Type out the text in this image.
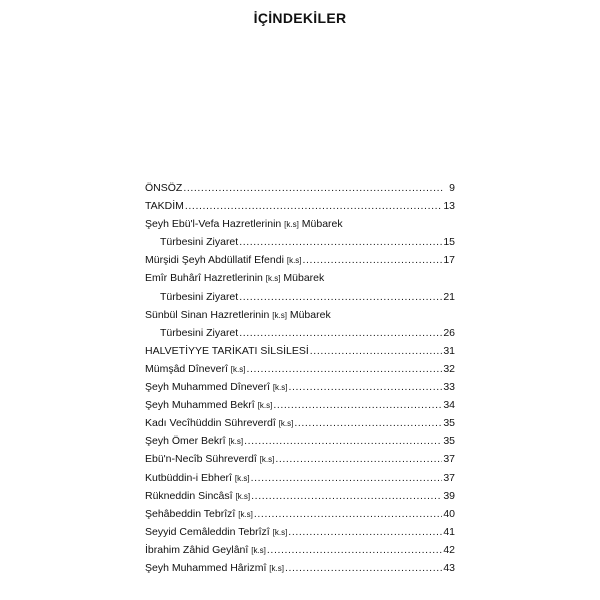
İÇİNDEKİLER
ÖNSÖZ .....	9
TAKDİM .....	13
Şeyh Ebü'l-Vefa Hazretlerinin [k.s] Mübarek
Türbesini Ziyaret .....	15
Mürşidi Şeyh Abdüllatif Efendi [k.s] .....	17
Emîr Buhârî Hazretlerinin [k.s] Mübarek
Türbesini Ziyaret .....	21
Sünbül Sinan Hazretlerinin [k.s] Mübarek
Türbesini Ziyaret .....	26
HALVETİYYE TARİKATI SİLSİLESİ .....	31
Mümşâd Dîneverî [k.s] .....	32
Şeyh Muhammed Dîneverî [k.s] .....	33
Şeyh Muhammed Bekrî [k.s] .....	34
Kadı Vecîhüddin Sühreverdî [k.s] .....	35
Şeyh Ömer Bekrî [k.s] .....	35
Ebü'n-Necîb Sühreverdî [k.s] .....	37
Kutbüddin-i Ebherî [k.s] .....	37
Rükneddin Sincâsî [k.s] .....	39
Şehâbeddin Tebrîzî [k.s] .....	40
Seyyid Cemâleddin Tebrîzî [k.s] .....	41
İbrahim Zâhid Geylânî [k.s] .....	42
Şeyh Muhammed Hârizmî [k.s] .....	43
